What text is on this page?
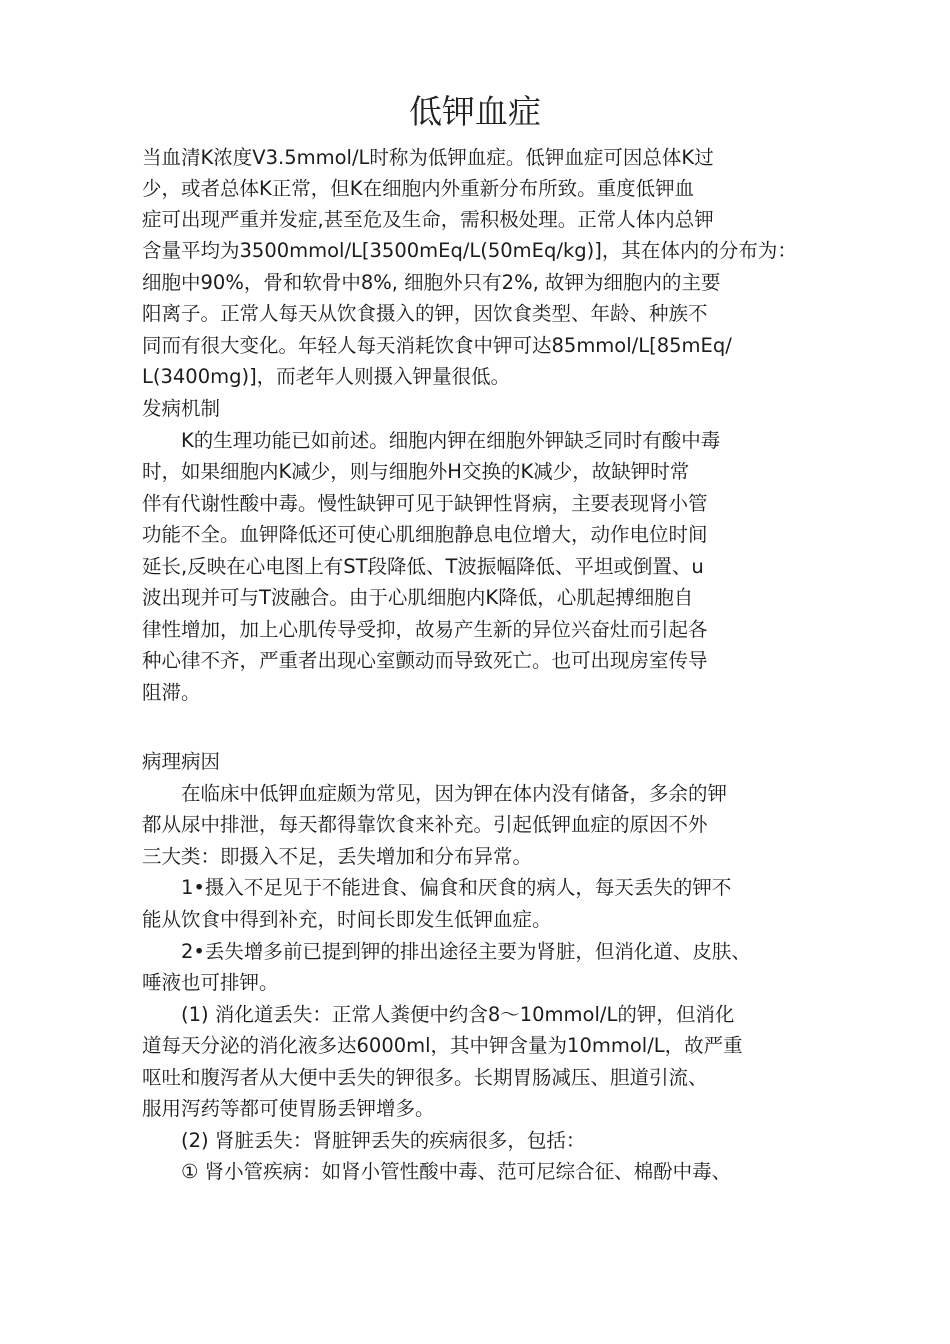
低钾血症
当血清K浓度V3.5mmol/L时称为低钾血症。低钾血症可因总体K过
少，或者总体K正常，但K在细胞内外重新分布所致。重度低钾血
症可出现严重并发症,甚至危及生命，需积极处理。正常人体内总钾
含量平均为3500mmol/L[3500mEq/L(50mEq/kg)]，其在体内的分布为：
细胞中90%，骨和软骨中8%, 细胞外只有2%, 故钾为细胞内的主要
阳离子。正常人每天从饮食摄入的钾，因饮食类型、年龄、种族不
同而有很大变化。年轻人每天消耗饮食中钾可达85mmol/L[85mEq/
L(3400mg)]，而老年人则摄入钾量很低。
发病机制
K的生理功能已如前述。细胞内钾在细胞外钾缺乏同时有酸中毒
时，如果细胞内K减少，则与细胞外H交换的K减少，故缺钾时常
伴有代谢性酸中毒。慢性缺钾可见于缺钾性肾病，主要表现肾小管
功能不全。血钾降低还可使心肌细胞静息电位增大，动作电位时间
延长,反映在心电图上有ST段降低、T波振幅降低、平坦或倒置、u
波出现并可与T波融合。由于心肌细胞内K降低，心肌起搏细胞自
律性增加，加上心肌传导受抑，故易产生新的异位兴奋灶而引起各
种心律不齐，严重者出现心室颤动而导致死亡。也可出现房室传导
阻滞。
病理病因
在临床中低钾血症颇为常见，因为钾在体内没有储备，多余的钾
都从尿中排泄，每天都得靠饮食来补充。引起低钾血症的原因不外
三大类：即摄入不足，丢失增加和分布异常。
1•摄入不足见于不能进食、偏食和厌食的病人，每天丢失的钾不
能从饮食中得到补充，时间长即发生低钾血症。
2•丢失增多前已提到钾的排出途径主要为肾脏，但消化道、皮肤、
唾液也可排钾。
(1) 消化道丢失：正常人粪便中约含8〜10mmol/L的钾，但消化
道每天分泌的消化液多达6000ml，其中钾含量为10mmol/L，故严重
呕吐和腹泻者从大便中丢失的钾很多。长期胃肠减压、胆道引流、
服用泻药等都可使胃肠丢钾增多。
(2) 肾脏丢失：肾脏钾丢失的疾病很多，包括：
① 肾小管疾病：如肾小管性酸中毒、范可尼综合征、棉酚中毒、
